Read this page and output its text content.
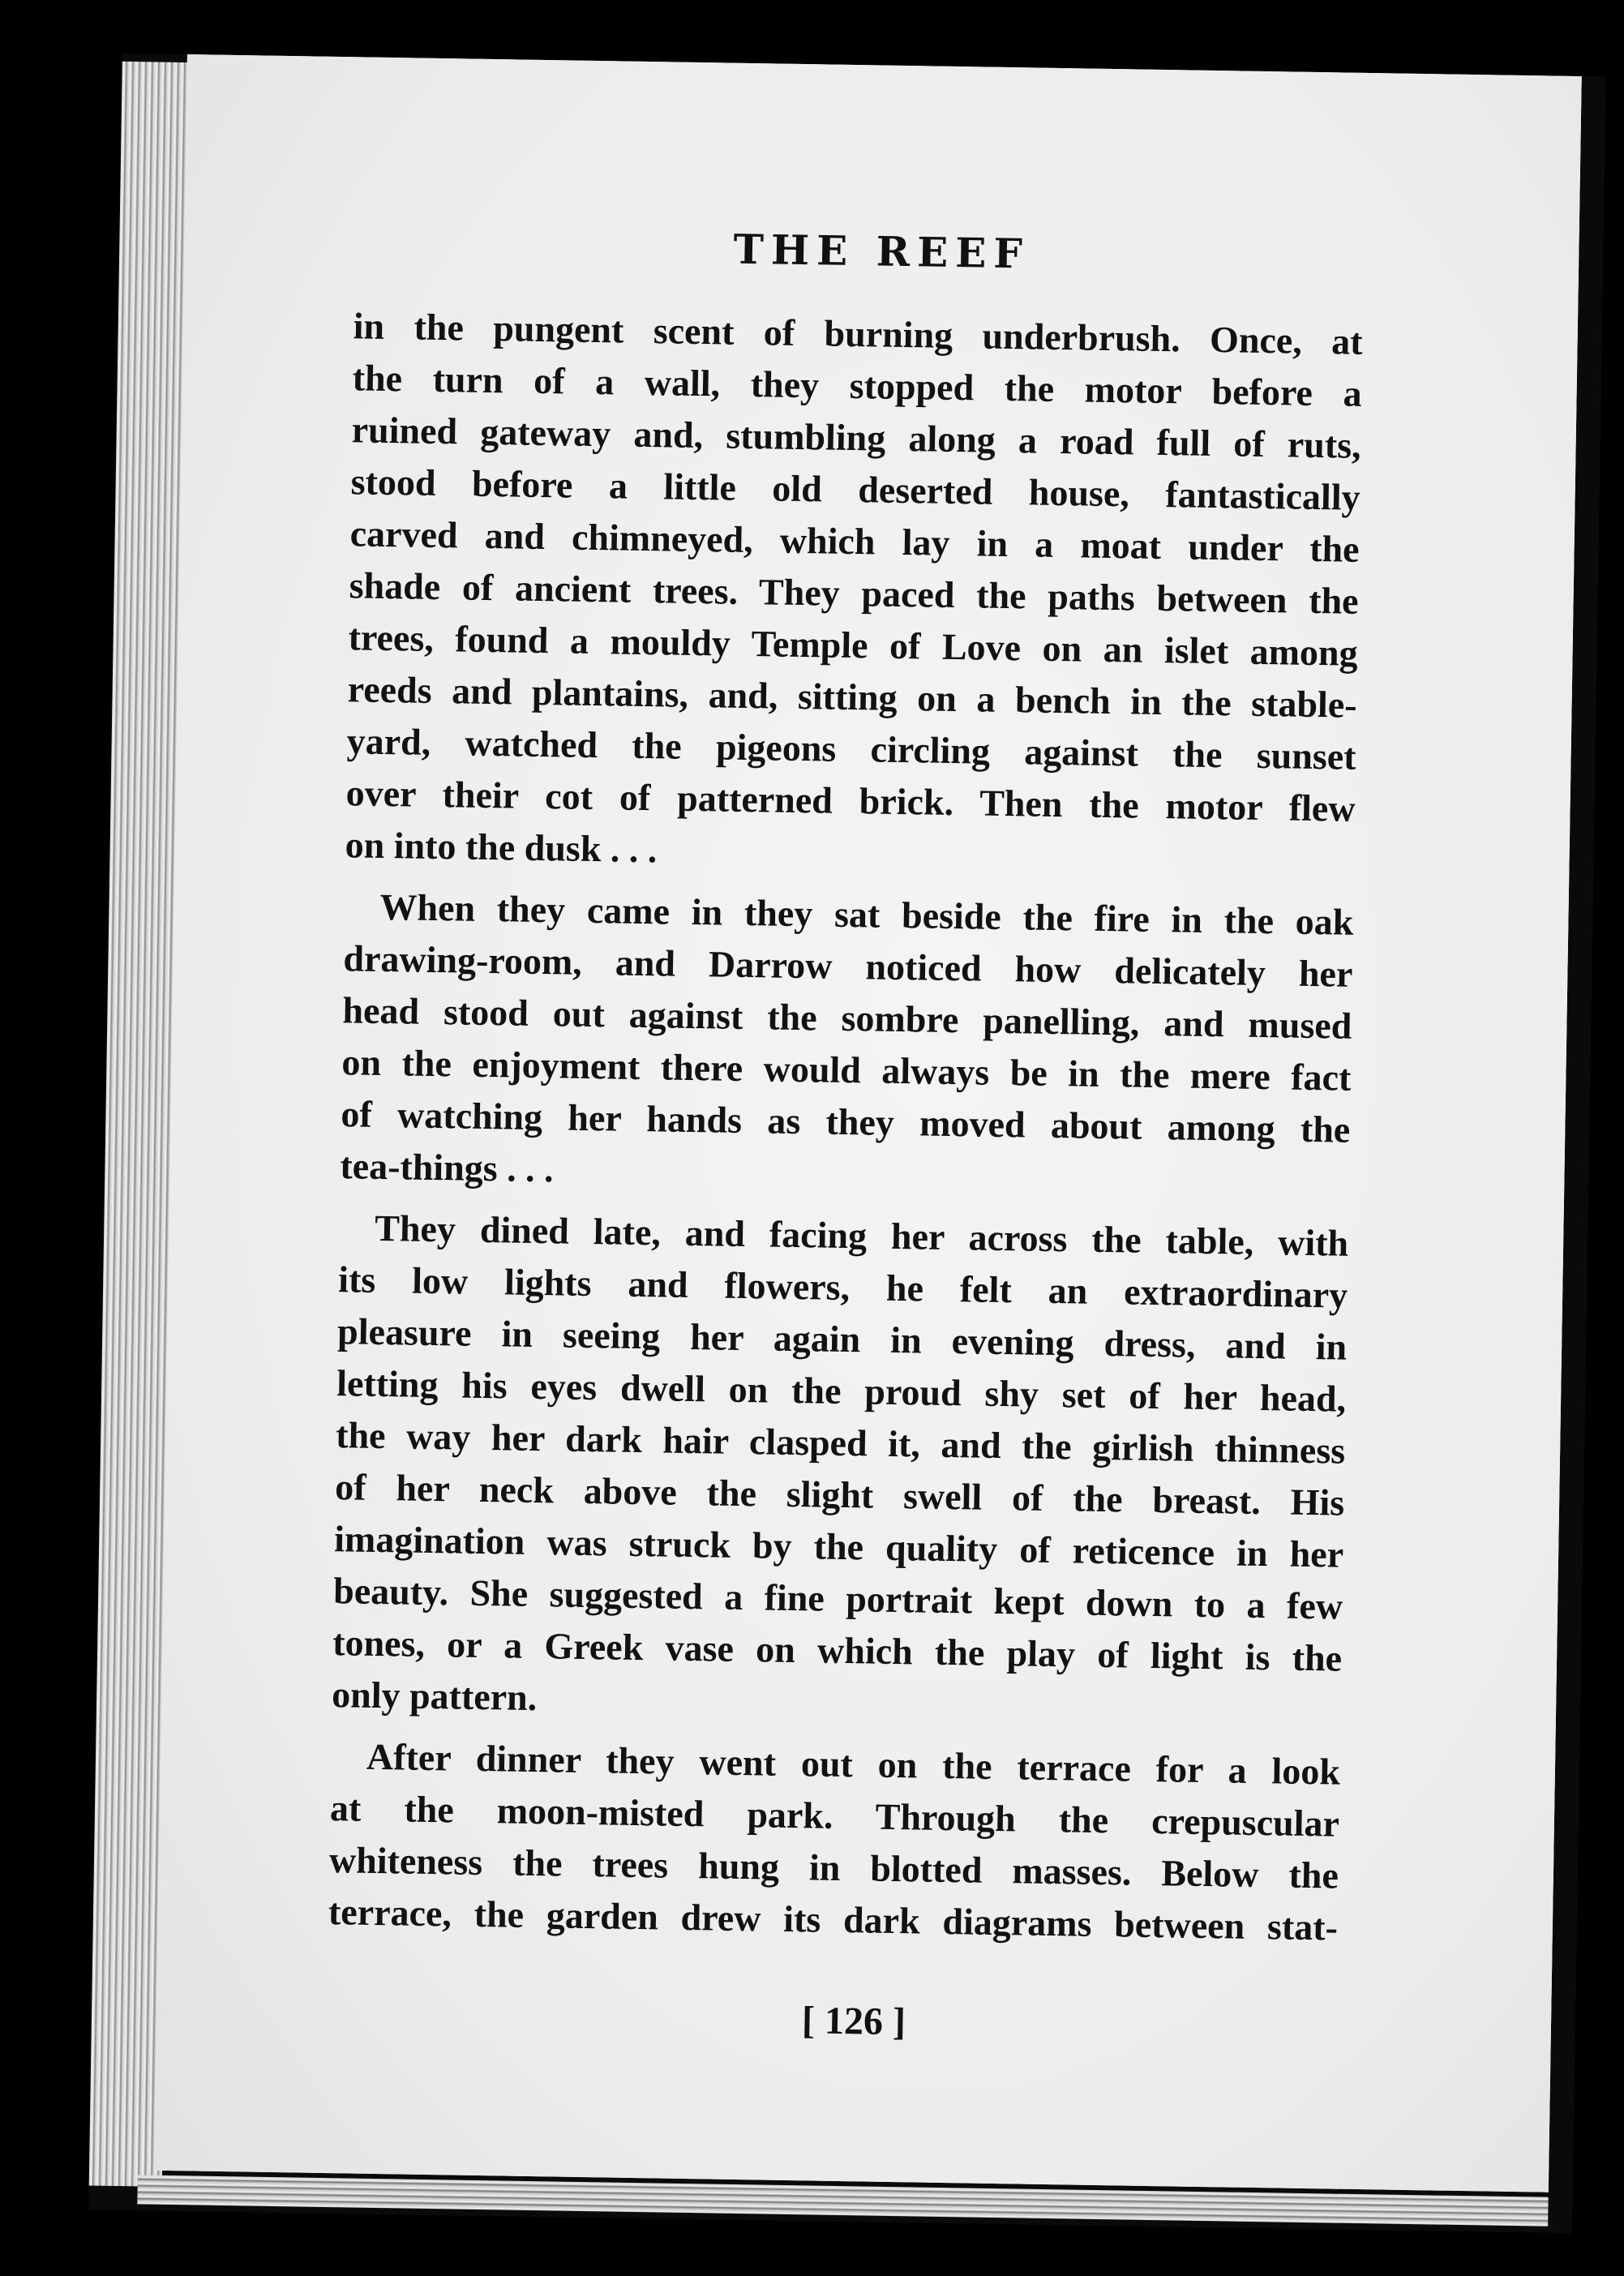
THE REEF
in the pungent scent of burning underbrush. Once, at
the turn of a wall, they stopped the motor before a
ruined gateway and, stumbling along a road full of ruts,
stood before a little old deserted house, fantastically
carved and chimneyed, which lay in a moat under the
shade of ancient trees. They paced the paths between the
trees, found a mouldy Temple of Love on an islet among
reeds and plantains, and, sitting on a bench in the stable-
yard, watched the pigeons circling against the sunset
over their cot of patterned brick. Then the motor flew
on into the dusk . . .
When they came in they sat beside the fire in the oak
drawing-room, and Darrow noticed how delicately her
head stood out against the sombre panelling, and mused
on the enjoyment there would always be in the mere fact
of watching her hands as they moved about among the
tea-things . . .
They dined late, and facing her across the table, with
its low lights and flowers, he felt an extraordinary
pleasure in seeing her again in evening dress, and in
letting his eyes dwell on the proud shy set of her head,
the way her dark hair clasped it, and the girlish thinness
of her neck above the slight swell of the breast. His
imagination was struck by the quality of reticence in her
beauty. She suggested a fine portrait kept down to a few
tones, or a Greek vase on which the play of light is the
only pattern.
After dinner they went out on the terrace for a look
at the moon-misted park. Through the crepuscular
whiteness the trees hung in blotted masses. Below the
terrace, the garden drew its dark diagrams between stat-
[ 126 ]
